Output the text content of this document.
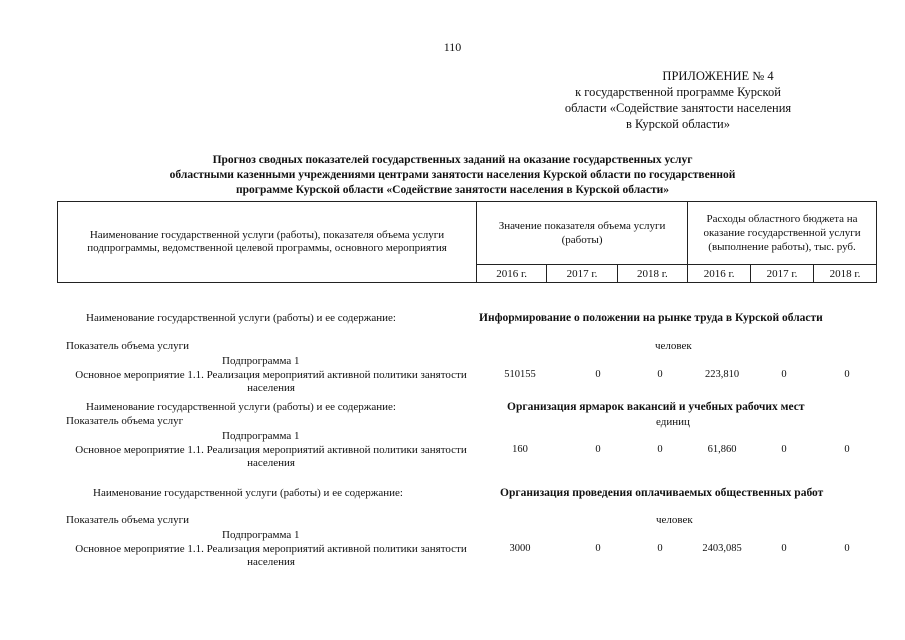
110
ПРИЛОЖЕНИЕ № 4
к государственной программе Курской
области «Содействие занятости населения
в Курской области»
Прогноз сводных показателей государственных заданий на оказание государственных услуг
областными казенными учреждениями центрами занятости населения Курской области по государственной
программе Курской области «Содействие занятости населения в Курской области»
Наименование государственной услуги (работы), показателя объема услуги подпрограммы, ведомственной целевой программы, основного мероприятия	Значение показателя объема услуги (работы)			Расходы областного бюджета на оказание государственной услуги (выполнение работы), тыс. руб.		
	2016 г.	2017 г.	2018 г.	2016 г.	2017 г.	2018 г.
Наименование государственной услуги (работы) и ее содержание:	Информирование о положении на рынке труда в Курской области
Показатель объема услуги	человек
Подпрограмма 1
Основное мероприятие 1.1. Реализация мероприятий активной политики занятости населения
510155	0	0	223,810	0	0
Наименование государственной услуги (работы) и ее содержание:	Организация ярмарок вакансий и учебных рабочих мест
Показатель объема услуг	единиц
Подпрограмма 1
Основное мероприятие 1.1. Реализация мероприятий активной политики занятости населения
160	0	0	61,860	0	0
Наименование государственной услуги (работы) и ее содержание:	Организация проведения оплачиваемых общественных работ
Показатель объема услуги	человек
Подпрограмма 1
Основное мероприятие 1.1. Реализация мероприятий активной политики занятости населения
3000	0	0	2403,085	0	0
